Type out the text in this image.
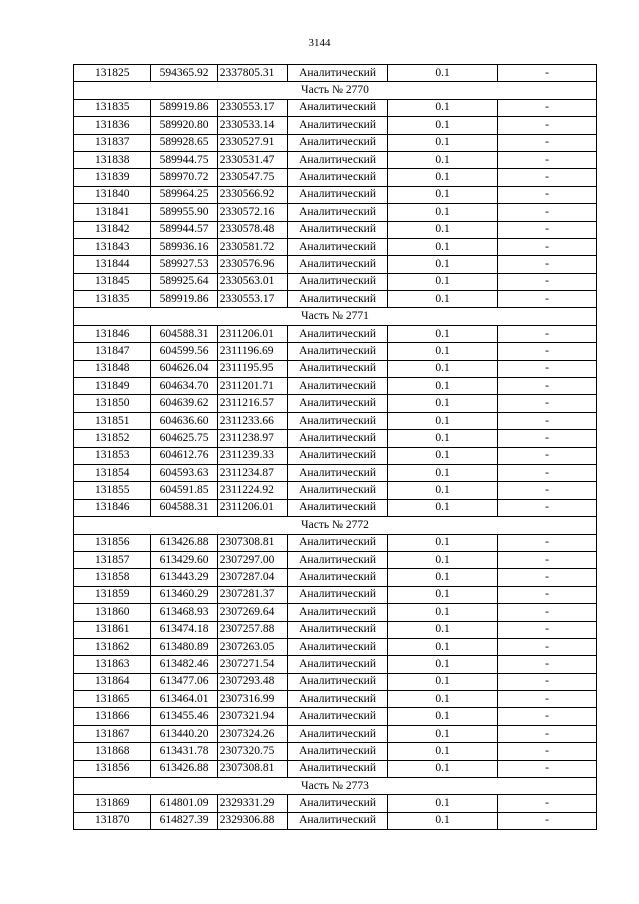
3144
131825	594365.92	2337805.31	Аналитический	0.1	-
Часть № 2770					
131835	589919.86	2330553.17	Аналитический	0.1	-
131836	589920.80	2330533.14	Аналитический	0.1	-
131837	589928.65	2330527.91	Аналитический	0.1	-
131838	589944.75	2330531.47	Аналитический	0.1	-
131839	589970.72	2330547.75	Аналитический	0.1	-
131840	589964.25	2330566.92	Аналитический	0.1	-
131841	589955.90	2330572.16	Аналитический	0.1	-
131842	589944.57	2330578.48	Аналитический	0.1	-
131843	589936.16	2330581.72	Аналитический	0.1	-
131844	589927.53	2330576.96	Аналитический	0.1	-
131845	589925.64	2330563.01	Аналитический	0.1	-
131835	589919.86	2330553.17	Аналитический	0.1	-
Часть № 2771					
131846	604588.31	2311206.01	Аналитический	0.1	-
131847	604599.56	2311196.69	Аналитический	0.1	-
131848	604626.04	2311195.95	Аналитический	0.1	-
131849	604634.70	2311201.71	Аналитический	0.1	-
131850	604639.62	2311216.57	Аналитический	0.1	-
131851	604636.60	2311233.66	Аналитический	0.1	-
131852	604625.75	2311238.97	Аналитический	0.1	-
131853	604612.76	2311239.33	Аналитический	0.1	-
131854	604593.63	2311234.87	Аналитический	0.1	-
131855	604591.85	2311224.92	Аналитический	0.1	-
131846	604588.31	2311206.01	Аналитический	0.1	-
Часть № 2772					
131856	613426.88	2307308.81	Аналитический	0.1	-
131857	613429.60	2307297.00	Аналитический	0.1	-
131858	613443.29	2307287.04	Аналитический	0.1	-
131859	613460.29	2307281.37	Аналитический	0.1	-
131860	613468.93	2307269.64	Аналитический	0.1	-
131861	613474.18	2307257.88	Аналитический	0.1	-
131862	613480.89	2307263.05	Аналитический	0.1	-
131863	613482.46	2307271.54	Аналитический	0.1	-
131864	613477.06	2307293.48	Аналитический	0.1	-
131865	613464.01	2307316.99	Аналитический	0.1	-
131866	613455.46	2307321.94	Аналитический	0.1	-
131867	613440.20	2307324.26	Аналитический	0.1	-
131868	613431.78	2307320.75	Аналитический	0.1	-
131856	613426.88	2307308.81	Аналитический	0.1	-
Часть № 2773					
131869	614801.09	2329331.29	Аналитический	0.1	-
131870	614827.39	2329306.88	Аналитический	0.1	-
